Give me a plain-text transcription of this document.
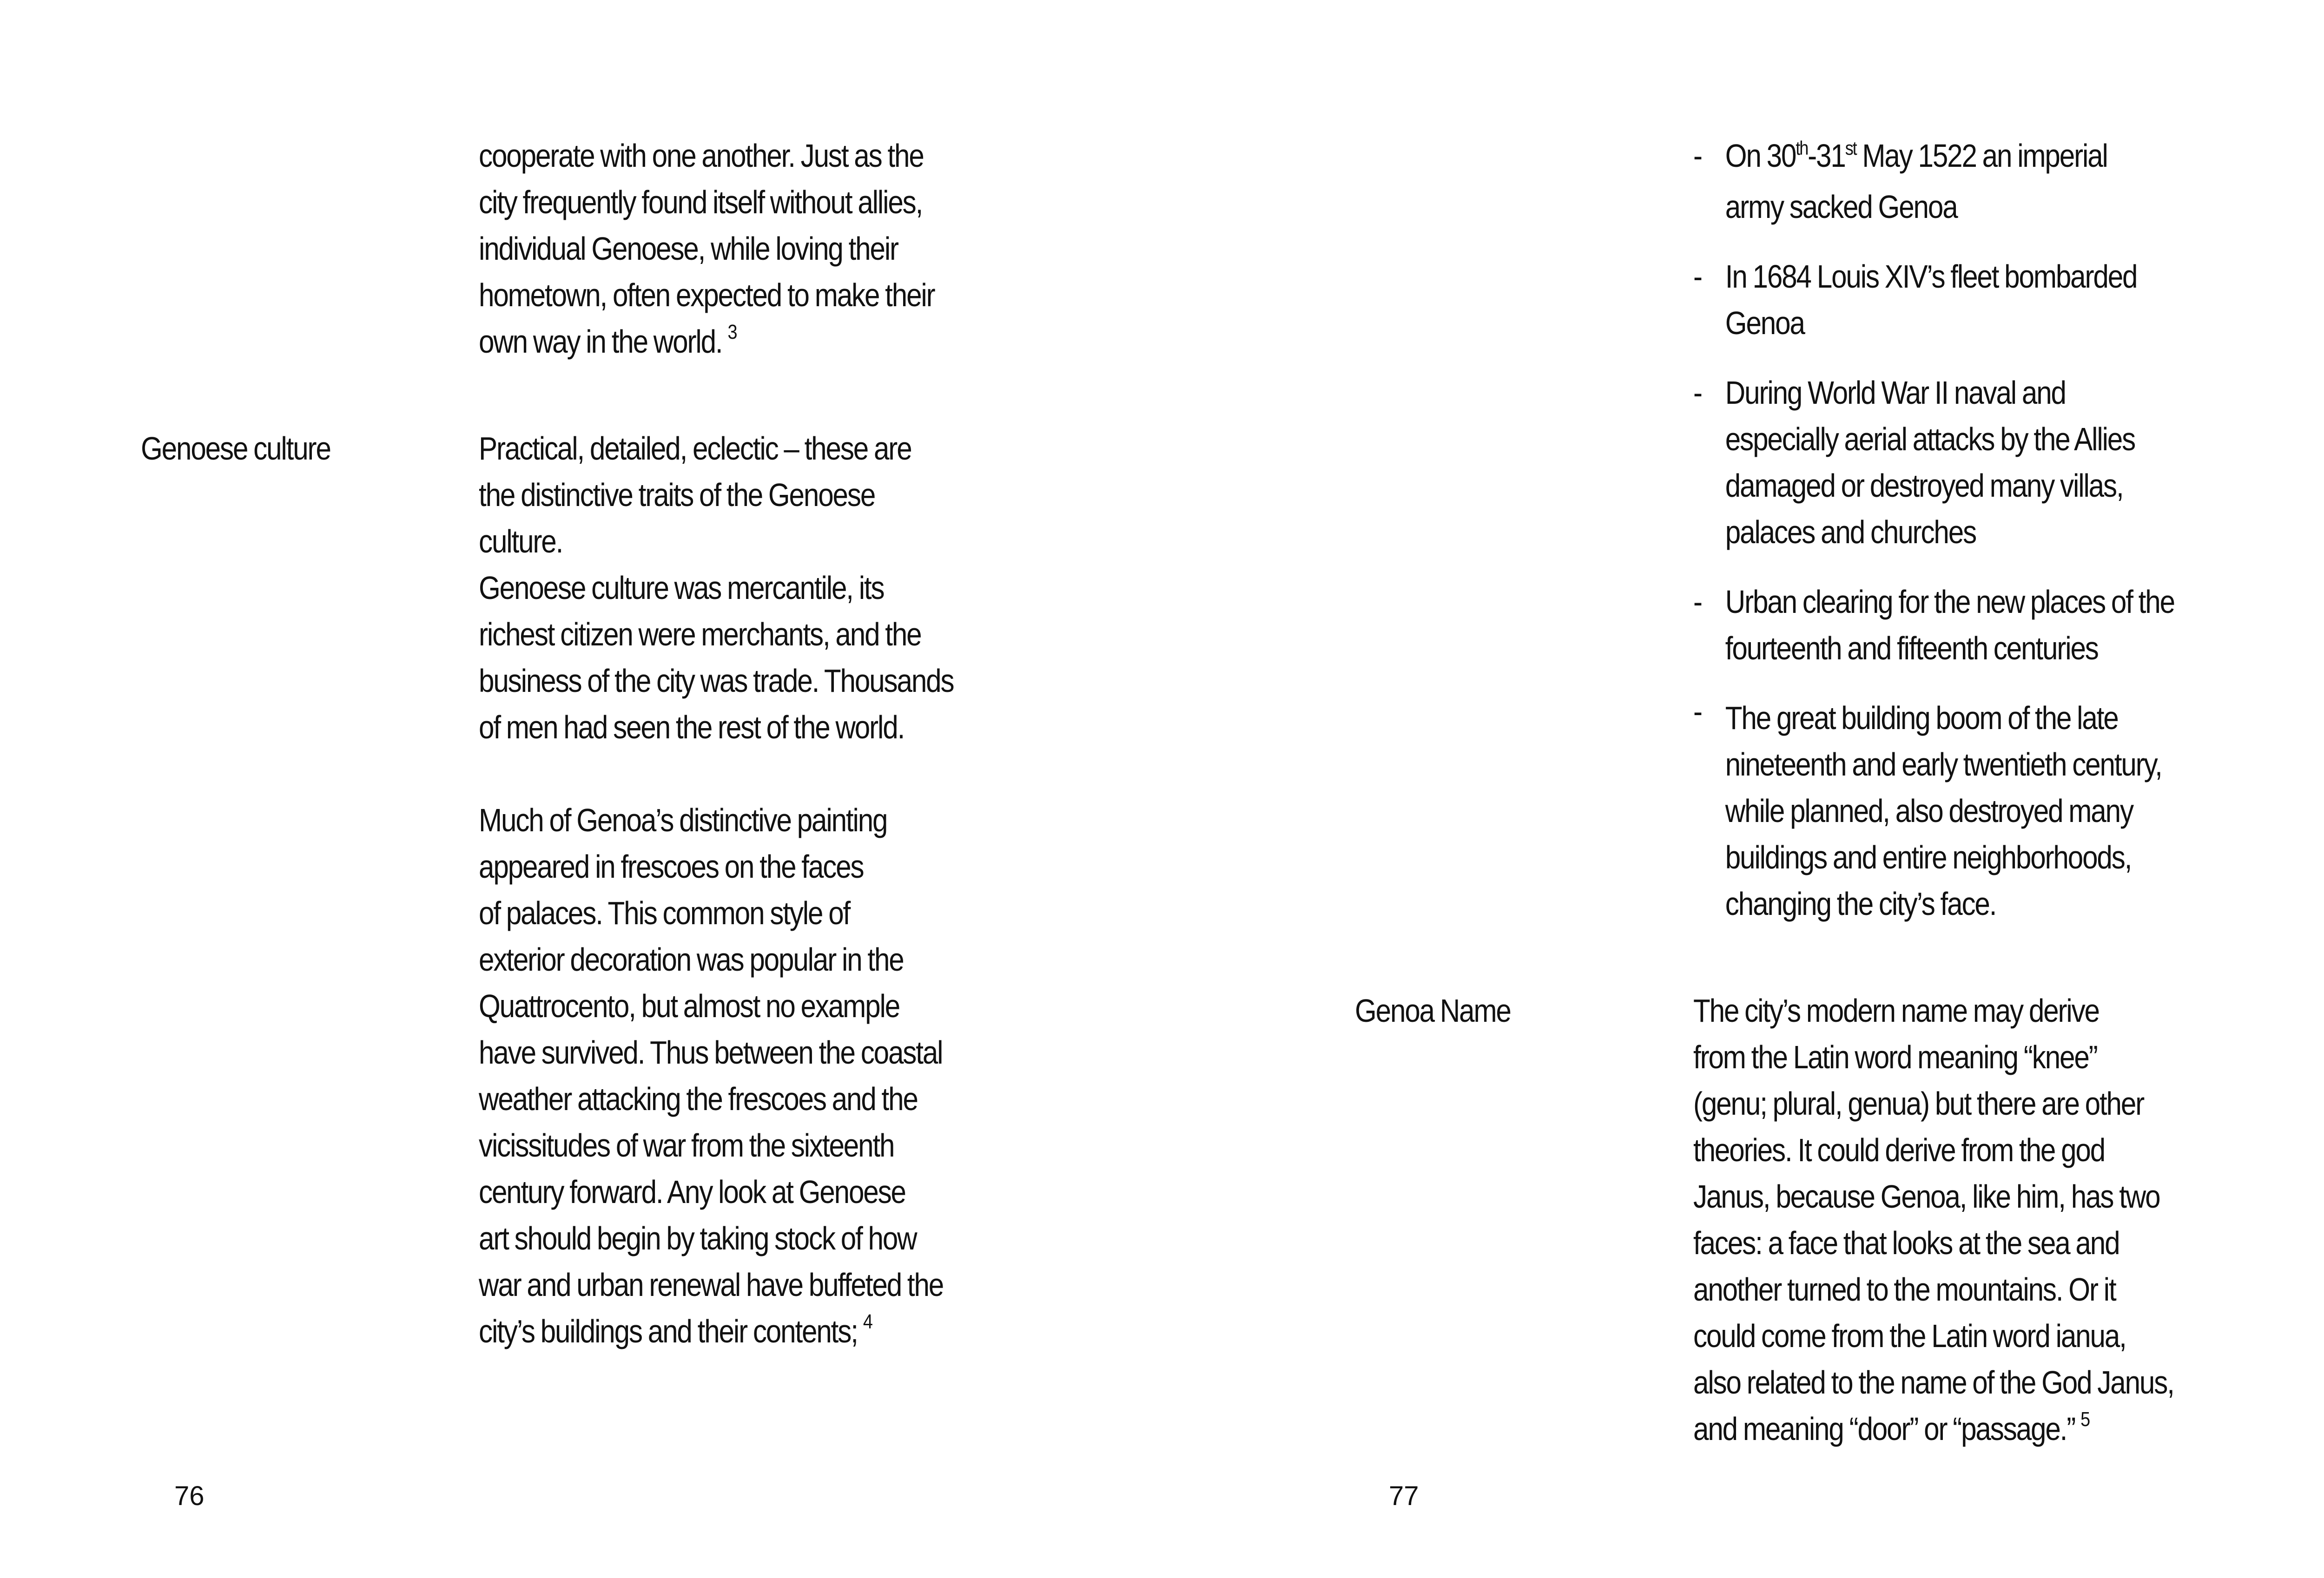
cooperate with one another. Just as the

city frequently found itself without allies,

individual Genoese, while loving their

hometown, often expected to make their

own way in the world. $^3$

Genoese culture	Practical, detailed, eclectic – these are

the distinctive traits of the Genoese

culture.

Genoese culture was mercantile, its

richest citizen were merchants, and the

business of the city was trade. Thousands

of men had seen the rest of the world.

Much of Genoa’s distinctive painting

appeared in frescoes on the faces

of palaces. This common style of

exterior decoration was popular in the

Quattrocento, but almost no example

have survived. Thus between the coastal

weather attacking the frescoes and the

vicissitudes of war from the sixteenth

century forward. Any look at Genoese

art should begin by taking stock of how

war and urban renewal have buffeted the

city’s buildings and their contents; $^4$

76
- On 30th-31st May 1522 an imperial
army sacked Genoa
- In 1684 Louis XIV’s fleet bombarded
Genoa
- During World War II naval and
especially aerial attacks by the Allies
damaged or destroyed many villas,
palaces and churches
- Urban clearing for the new places of the
fourteenth and fifteenth centuries
- The great building boom of the late
nineteenth and early twentieth century,
while planned, also destroyed many
buildings and entire neighborhoods,
changing the city’s face.
Genoa Name	The city’s modern name may derive

from the Latin word meaning “knee”

(genu; plural, genua) but there are other

theories. It could derive from the god

Janus, because Genoa, like him, has two

faces: a face that looks at the sea and

another turned to the mountains. Or it

could come from the Latin word ianua,

also related to the name of the God Janus,

and meaning “door” or “passage.” $^5$

77
